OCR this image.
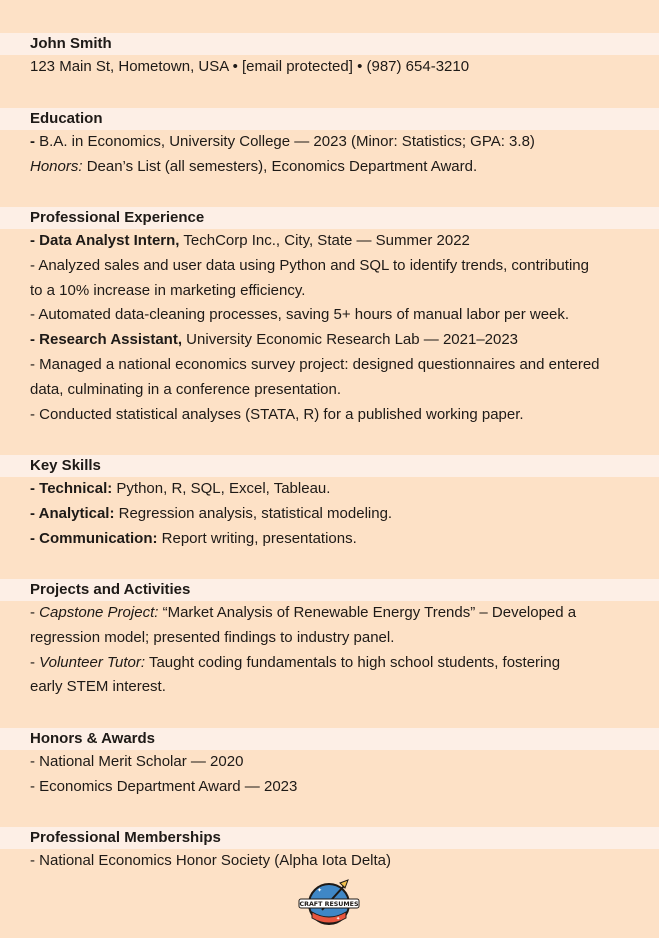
John Smith
123 Main St, Hometown, USA • [email protected] • (987) 654-3210
Education
- B.A. in Economics, University College — 2023 (Minor: Statistics; GPA: 3.8)
Honors: Dean’s List (all semesters), Economics Department Award.
Professional Experience
- Data Analyst Intern, TechCorp Inc., City, State — Summer 2022
- Analyzed sales and user data using Python and SQL to identify trends, contributing
to a 10% increase in marketing efficiency.
- Automated data-cleaning processes, saving 5+ hours of manual labor per week.
- Research Assistant, University Economic Research Lab — 2021–2023
- Managed a national economics survey project: designed questionnaires and entered
data, culminating in a conference presentation.
- Conducted statistical analyses (STATA, R) for a published working paper.
Key Skills
- Technical: Python, R, SQL, Excel, Tableau.
- Analytical: Regression analysis, statistical modeling.
- Communication: Report writing, presentations.
Projects and Activities
- Capstone Project: “Market Analysis of Renewable Energy Trends” – Developed a
regression model; presented findings to industry panel.
- Volunteer Tutor: Taught coding fundamentals to high school students, fostering
early STEM interest.
Honors & Awards
- National Merit Scholar — 2020
- Economics Department Award — 2023
Professional Memberships
- National Economics Honor Society (Alpha Iota Delta)
✦
✦
CRAFT RESUMES
